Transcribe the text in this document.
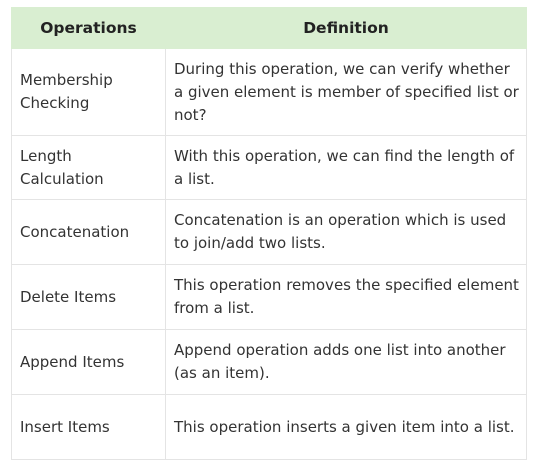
Operations	Definition
Membership Checking	During this operation, we can verify whether a given element is member of specified list or not?
Length Calculation	With this operation, we can find the length of a list.
Concatenation	Concatenation is an operation which is used to join/add two lists.
Delete Items	This operation removes the specified element from a list.
Append Items	Append operation adds one list into another (as an item).
Insert Items	This operation inserts a given item into a list.
